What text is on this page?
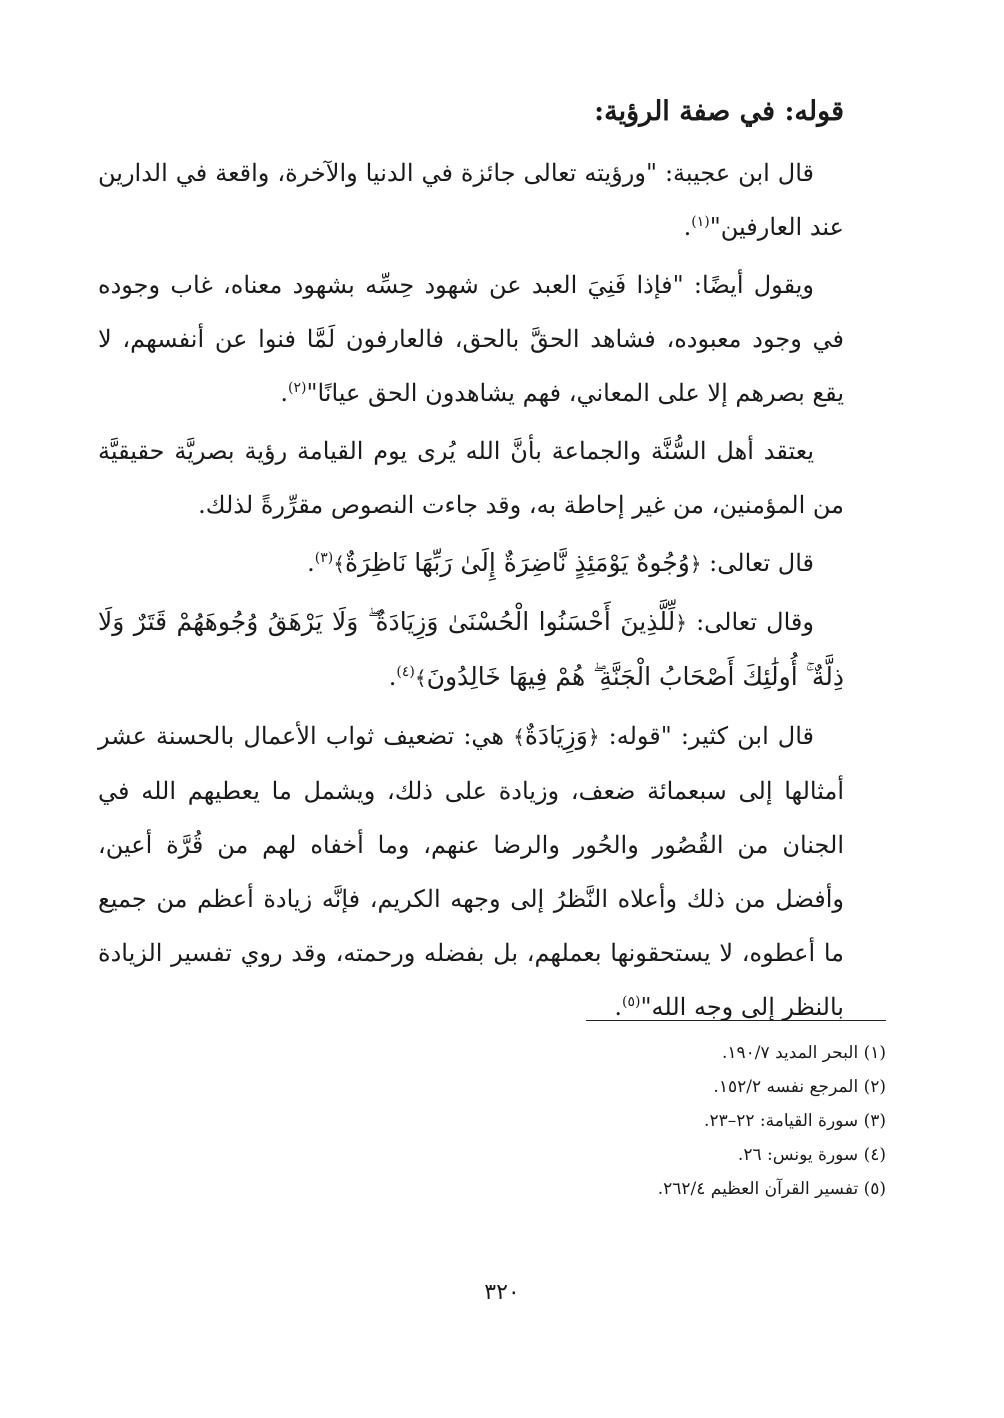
قوله: في صفة الرؤية:

قال ابن عجيبة: "ورؤيته تعالى جائزة في الدنيا والآخرة، واقعة في الدارين عند العارفين"$^{(١)}$.

ويقول أيضًا: "فإذا فَنِيَ العبد عن شهود حِسِّه بشهود معناه، غاب وجوده في وجود معبوده، فشاهد الحقَّ بالحق، فالعارفون لَمَّا فنوا عن أنفسهم، لا يقع بصرهم إلا على المعاني، فهم يشاهدون الحق عيانًا"$^{(٢)}$.

يعتقد أهل السُّنَّة والجماعة بأنَّ الله يُرى يوم القيامة رؤية بصريَّة حقيقيَّة من المؤمنين، من غير إحاطة به، وقد جاءت النصوص مقرِّرةً لذلك.

قال تعالى: ﴿وُجُوهٌ يَوْمَئِذٍ نَّاضِرَةٌ إِلَىٰ رَبِّهَا نَاظِرَةٌ﴾$^{(٣)}$.

وقال تعالى: ﴿لِّلَّذِينَ أَحْسَنُوا الْحُسْنَىٰ وَزِيَادَةٌ ۖ وَلَا يَرْهَقُ وُجُوهَهُمْ قَتَرٌ وَلَا ذِلَّةٌ ۚ أُولَٰئِكَ أَصْحَابُ الْجَنَّةِ ۖ هُمْ فِيهَا خَالِدُونَ﴾$^{(٤)}$.

قال ابن كثير: "قوله: ﴿وَزِيَادَةٌ﴾ هي: تضعيف ثواب الأعمال بالحسنة عشر أمثالها إلى سبعمائة ضعف، وزيادة على ذلك، ويشمل ما يعطيهم الله في الجنان من القُصُور والحُور والرضا عنهم، وما أخفاه لهم من قُرَّة أعين، وأفضل من ذلك وأعلاه النَّظرُ إلى وجهه الكريم، فإنَّه زيادة أعظم من جميع ما أعطوه، لا يستحقونها بعملهم، بل بفضله ورحمته، وقد روي تفسير الزيادة بالنظر إلى وجه الله"$^{(٥)}$.

(١) البحر المديد ١٩٠/٧.

(٢) المرجع نفسه ١٥٢/٢.

(٣) سورة القيامة: ٢٢–٢٣.

(٤) سورة يونس: ٢٦.

(٥) تفسير القرآن العظيم ٢٦٢/٤.

٣٢٠
